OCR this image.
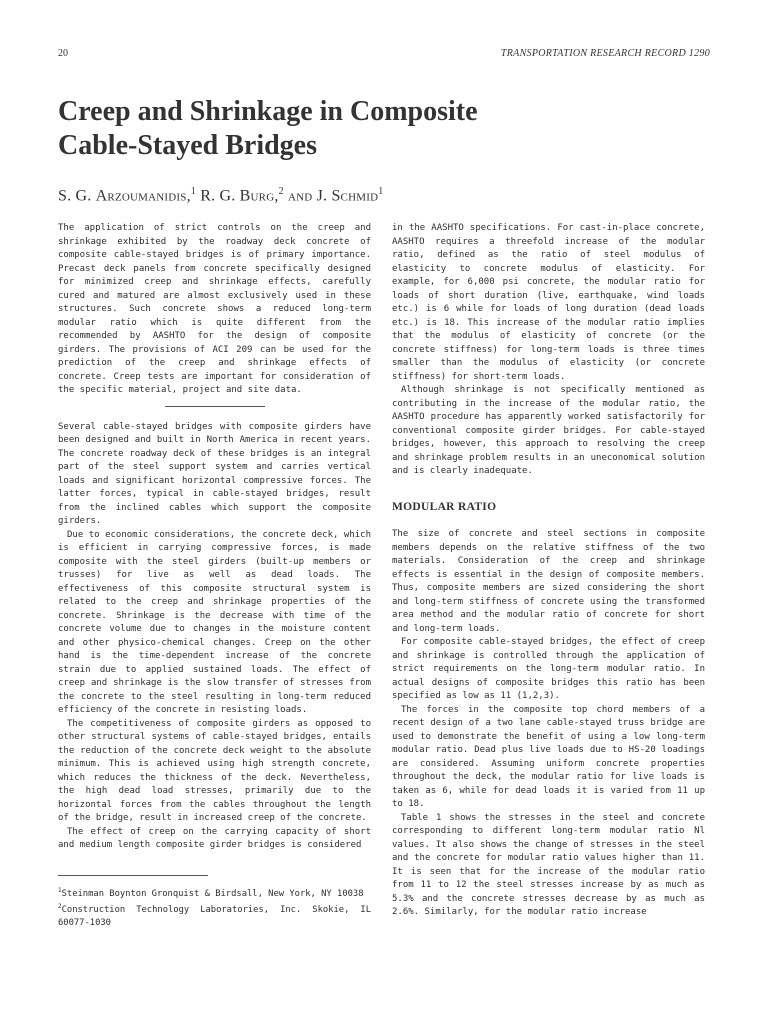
20	TRANSPORTATION RESEARCH RECORD 1290
Creep and Shrinkage in Composite
Cable-Stayed Bridges
S. G. Arzoumanidis,$^1$ R. G. Burg,$^2$ and J. Schmid$^1$

The application of strict controls on the creep and shrinkage exhibited by the roadway deck concrete of composite cable-stayed bridges is of primary importance. Precast deck panels from concrete specifically designed for minimized creep and shrinkage effects, carefully cured and matured are almost exclusively used in these structures. Such concrete shows a reduced long-term modular ratio which is quite different from the recommended by AASHTO for the design of composite girders. The provisions of ACI 209 can be used for the prediction of the creep and shrinkage effects of concrete. Creep tests are important for consideration of the specific material, project and site data.

Several cable-stayed bridges with composite girders have been designed and built in North America in recent years. The concrete roadway deck of these bridges is an integral part of the steel support system and carries vertical loads and significant horizontal compressive forces. The latter forces, typical in cable-stayed bridges, result from the inclined cables which support the composite girders.

Due to economic considerations, the concrete deck, which is efficient in carrying compressive forces, is made composite with the steel girders (built-up members or trusses) for live as well as dead loads. The effectiveness of this composite structural system is related to the creep and shrinkage properties of the concrete. Shrinkage is the decrease with time of the concrete volume due to changes in the moisture content and other physico-chemical changes. Creep on the other hand is the time-dependent increase of the concrete strain due to applied sustained loads. The effect of creep and shrinkage is the slow transfer of stresses from the concrete to the steel resulting in long-term reduced efficiency of the concrete in resisting loads.

The competitiveness of composite girders as opposed to other structural systems of cable-stayed bridges, entails the reduction of the concrete deck weight to the absolute minimum. This is achieved using high strength concrete, which reduces the thickness of the deck. Nevertheless, the high dead load stresses, primarily due to the horizontal forces from the cables throughout the length of the bridge, result in increased creep of the concrete.

The effect of creep on the carrying capacity of short and medium length composite girder bridges is considered

$^1$Steinman Boynton Gronquist & Birdsall, New York, NY 10038

$^2$Construction Technology Laboratories, Inc. Skokie, IL 60077-1030

in the AASHTO specifications. For cast-in-place concrete, AASHTO requires a threefold increase of the modular ratio, defined as the ratio of steel modulus of elasticity to concrete modulus of elasticity. For example, for 6,000 psi concrete, the modular ratio for loads of short duration (live, earthquake, wind loads etc.) is 6 while for loads of long duration (dead loads etc.) is 18. This increase of the modular ratio implies that the modulus of elasticity of concrete (or the concrete stiffness) for long-term loads is three times smaller than the modulus of elasticity (or concrete stiffness) for short-term loads.

Although shrinkage is not specifically mentioned as contributing in the increase of the modular ratio, the AASHTO procedure has apparently worked satisfactorily for conventional composite girder bridges. For cable-stayed bridges, however, this approach to resolving the creep and shrinkage problem results in an uneconomical solution and is clearly inadequate.

MODULAR RATIO

The size of concrete and steel sections in composite members depends on the relative stiffness of the two materials. Consideration of the creep and shrinkage effects is essential in the design of composite members. Thus, composite members are sized considering the short and long-term stiffness of concrete using the transformed area method and the modular ratio of concrete for short and long-term loads.

For composite cable-stayed bridges, the effect of creep and shrinkage is controlled through the application of strict requirements on the long-term modular ratio. In actual designs of composite bridges this ratio has been specified as low as 11 (1,2,3).

The forces in the composite top chord members of a recent design of a two lane cable-stayed truss bridge are used to demonstrate the benefit of using a low long-term modular ratio. Dead plus live loads due to HS-20 loadings are considered. Assuming uniform concrete properties throughout the deck, the modular ratio for live loads is taken as 6, while for dead loads it is varied from 11 up to 18.

Table 1 shows the stresses in the steel and concrete corresponding to different long-term modular ratio Nl values. It also shows the change of stresses in the steel and the concrete for modular ratio values higher than 11. It is seen that for the increase of the modular ratio from 11 to 12 the steel stresses increase by as much as 5.3% and the concrete stresses decrease by as much as 2.6%. Similarly, for the modular ratio increase
